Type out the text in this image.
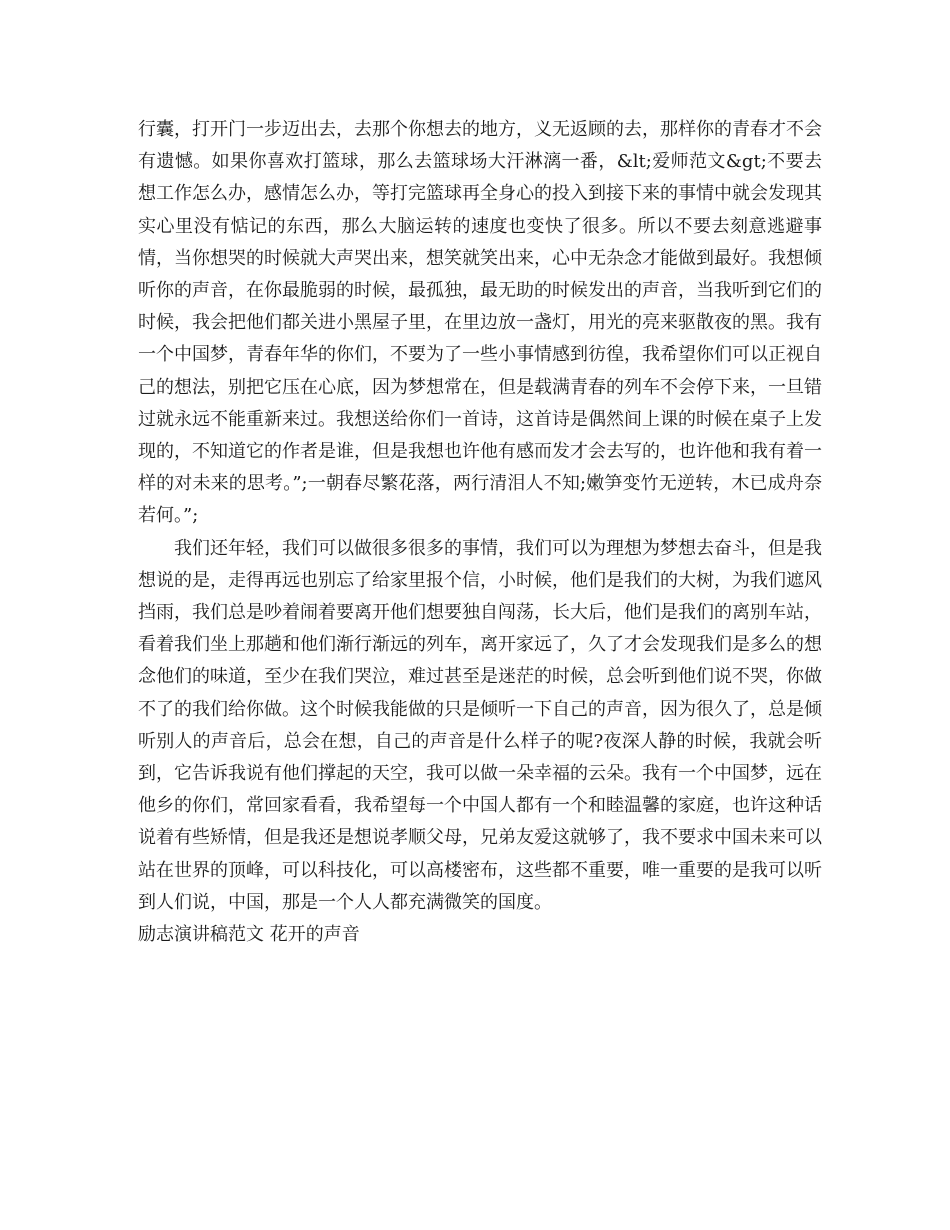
行囊，打开门一步迈出去，去那个你想去的地方，义无返顾的去，那样你的青春才不会有遗憾。如果你喜欢打篮球，那么去篮球场大汗淋漓一番，&lt;爱师范文&gt;不要去想工作怎么办，感情怎么办，等打完篮球再全身心的投入到接下来的事情中就会发现其实心里没有惦记的东西，那么大脑运转的速度也变快了很多。所以不要去刻意逃避事情，当你想哭的时候就大声哭出来，想笑就笑出来，心中无杂念才能做到最好。我想倾听你的声音，在你最脆弱的时候，最孤独，最无助的时候发出的声音，当我听到它们的时候，我会把他们都关进小黑屋子里，在里边放一盏灯，用光的亮来驱散夜的黑。我有一个中国梦，青春年华的你们，不要为了一些小事情感到彷徨，我希望你们可以正视自己的想法，别把它压在心底，因为梦想常在，但是载满青春的列车不会停下来，一旦错过就永远不能重新来过。我想送给你们一首诗，这首诗是偶然间上课的时候在桌子上发现的，不知道它的作者是谁，但是我想也许他有感而发才会去写的，也许他和我有着一样的对未来的思考。”;一朝春尽繁花落，两行清泪人不知;嫩笋变竹无逆转，木已成舟奈若何。”;

我们还年轻，我们可以做很多很多的事情，我们可以为理想为梦想去奋斗，但是我想说的是，走得再远也别忘了给家里报个信，小时候，他们是我们的大树，为我们遮风挡雨，我们总是吵着闹着要离开他们想要独自闯荡，长大后，他们是我们的离别车站，看着我们坐上那趟和他们渐行渐远的列车，离开家远了，久了才会发现我们是多么的想念他们的味道，至少在我们哭泣，难过甚至是迷茫的时候，总会听到他们说不哭，你做不了的我们给你做。这个时候我能做的只是倾听一下自己的声音，因为很久了，总是倾听别人的声音后，总会在想，自己的声音是什么样子的呢?夜深人静的时候，我就会听到，它告诉我说有他们撑起的天空，我可以做一朵幸福的云朵。我有一个中国梦，远在他乡的你们，常回家看看，我希望每一个中国人都有一个和睦温馨的家庭，也许这种话说着有些矫情，但是我还是想说孝顺父母，兄弟友爱这就够了，我不要求中国未来可以站在世界的顶峰，可以科技化，可以高楼密布，这些都不重要，唯一重要的是我可以听到人们说，中国，那是一个人人都充满微笑的国度。

励志演讲稿范文 花开的声音
